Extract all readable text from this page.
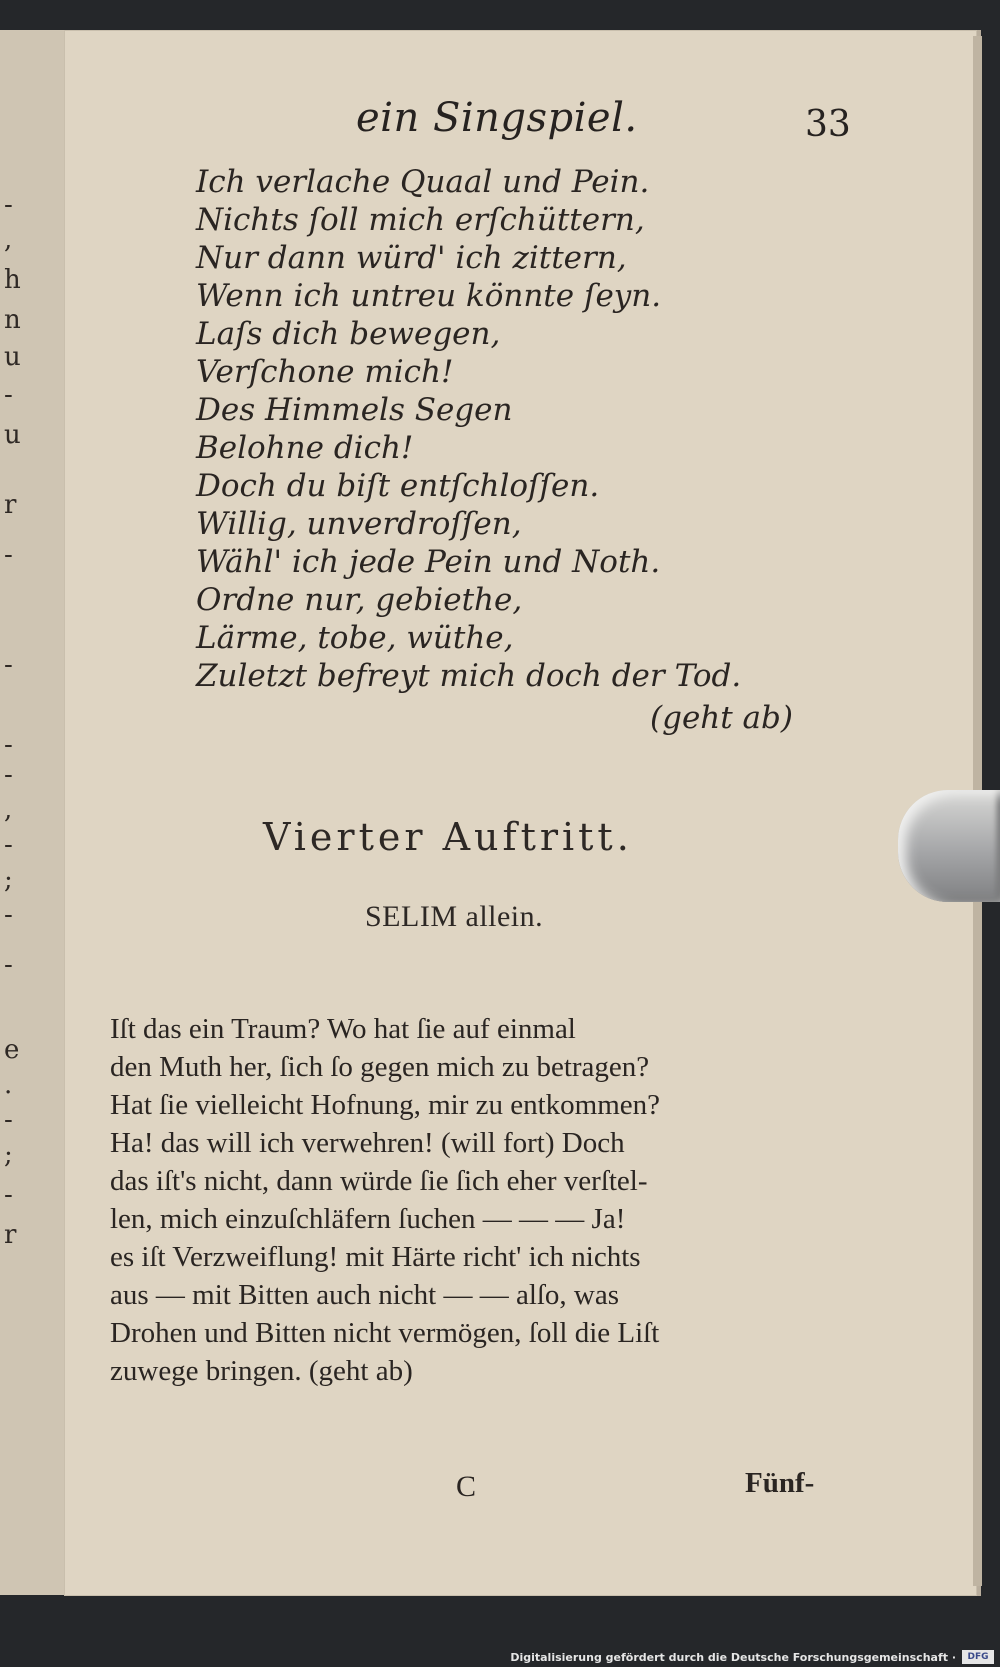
-
,
h
n
u
-
u
r
-
-
-
-
,
-
;
-
-
e
.
-
;
-
r
ein Singspiel.	33
Ich verlache Quaal und Pein.
Nichts ſoll mich erſchüttern,
Nur dann würd' ich zittern,
Wenn ich untreu könnte ſeyn.
Laſs dich bewegen,
Verſchone mich!
Des Himmels Segen
Belohne dich!
Doch du biſt entſchloſſen.
Willig, unverdroſſen,
Wähl' ich jede Pein und Noth.
Ordne nur, gebiethe,
Lärme, tobe, wüthe,
Zuletzt befreyt mich doch der Tod.
(geht ab)
Vierter Auftritt.
SELIM allein.
Iſt das ein Traum? Wo hat ſie auf einmal
den Muth her, ſich ſo gegen mich zu betragen?
Hat ſie vielleicht Hofnung, mir zu entkommen?
Ha! das will ich verwehren! (will fort) Doch
das iſt's nicht, dann würde ſie ſich eher verſtel-
len, mich einzuſchläfern ſuchen — — — Ja!
es iſt Verzweiflung! mit Härte richt' ich nichts
aus — mit Bitten auch nicht — — alſo, was
Drohen und Bitten nicht vermögen, ſoll die Liſt
zuwege bringen. (geht ab)
C	Fünf-
Digitalisierung gefördert durch die Deutsche Forschungsgemeinschaft ·	DFG
